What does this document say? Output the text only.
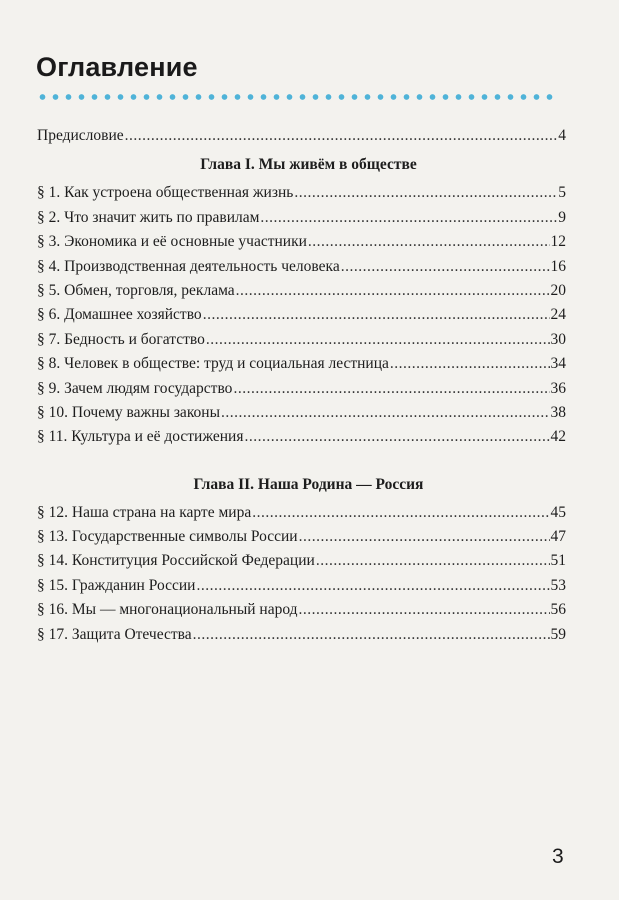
Оглавление
Предисловие .....	4
Глава I. Мы живём в обществе
§ 1. Как устроена общественная жизнь .....	5
§ 2. Что значит жить по правилам .....	9
§ 3. Экономика и её основные участники .....	12
§ 4. Производственная деятельность человека .....	16
§ 5. Обмен, торговля, реклама .....	20
§ 6. Домашнее хозяйство .....	24
§ 7. Бедность и богатство .....	30
§ 8. Человек в обществе: труд и социальная лестница .....	34
§ 9. Зачем людям государство .....	36
§ 10. Почему важны законы .....	38
§ 11. Культура и её достижения .....	42
Глава II. Наша Родина — Россия
§ 12. Наша страна на карте мира .....	45
§ 13. Государственные символы России .....	47
§ 14. Конституция Российской Федерации .....	51
§ 15. Гражданин России .....	53
§ 16. Мы — многонациональный народ .....	56
§ 17. Защита Отечества .....	59
3
